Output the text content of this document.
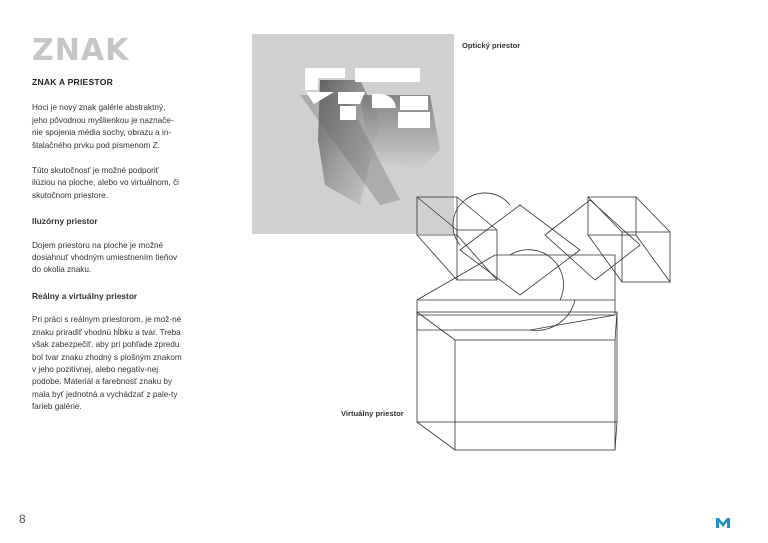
ZNAK
ZNAK A PRIESTOR

Hoci je nový znak galérie abstraktný, jeho pôvodnou myšlienkou je naznače-nie spojenia média sochy, obrazu a in-štalačného prvku pod písmenom Z.

Túto skutočnosť je možné podporiť ilúziou na ploche, alebo vo virtuálnom, či skutočnom priestore.

Iluzórny priestor

Dojem priestoru na ploche je možné dosiahnuť vhodným umiestnením tieňov do okolia znaku.

Reálny a virtuálny priestor

Pri práci s reálnym priestorom, je mož-né znaku priradiť vhodnú hĺbku a tvar. Treba však zabezpečiť, aby pri pohľade zpredu bol tvar znaku zhodný s plošným znakom v jeho pozitívnej, alebo negatív-nej podobe. Materiál a farebnosť znaku by mala byť jednotná a vychádzať z pale-ty farieb galérie.

Optický priestor
Virtuálny priestor
8
